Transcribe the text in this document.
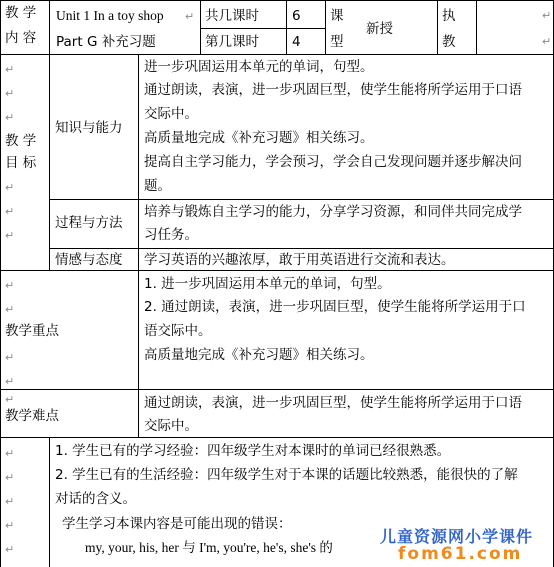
教 学
内 容
Unit 1 In a toy shop ↵
Part G 补充习题
共几课时 6
第几课时 4
课
型
新授
执
教
教 学
目 标
知识与能力
进一步巩固运用本单元的单词，句型。
通过朗读，表演，进一步巩固巨型，使学生能将所学运用于口语
交际中。
高质量地完成《补充习题》相关练习。
提高自主学习能力，学会预习，学会自己发现问题并逐步解决问
题。
过程与方法
培养与锻炼自主学习的能力，分享学习资源，和同伴共同完成学
习任务。
情感与态度 学习英语的兴趣浓厚，敢于用英语进行交流和表达。
教学重点
1. 进一步巩固运用本单元的单词，句型。
2. 通过朗读，表演，进一步巩固巨型，使学生能将所学运用于口
语交际中。
高质量地完成《补充习题》相关练习。
教学难点
通过朗读，表演，进一步巩固巨型，使学生能将所学运用于口语
交际中。
1. 学生已有的学习经验：四年级学生对本课时的单词已经很熟悉。
2. 学生已有的生活经验：四年级学生对于本课的话题比较熟悉，能很快的了解
对话的含义。
学生学习本课内容是可能出现的错误：
my, your, his, her 与 I'm, you're, he's, she's 的
↵
↵
↵
↵
↵
↵
↵
↵
↵
↵
↵
↵
↵
↵
↵
↵
↵
↵
儿童资源网小学课件
fom61.com
